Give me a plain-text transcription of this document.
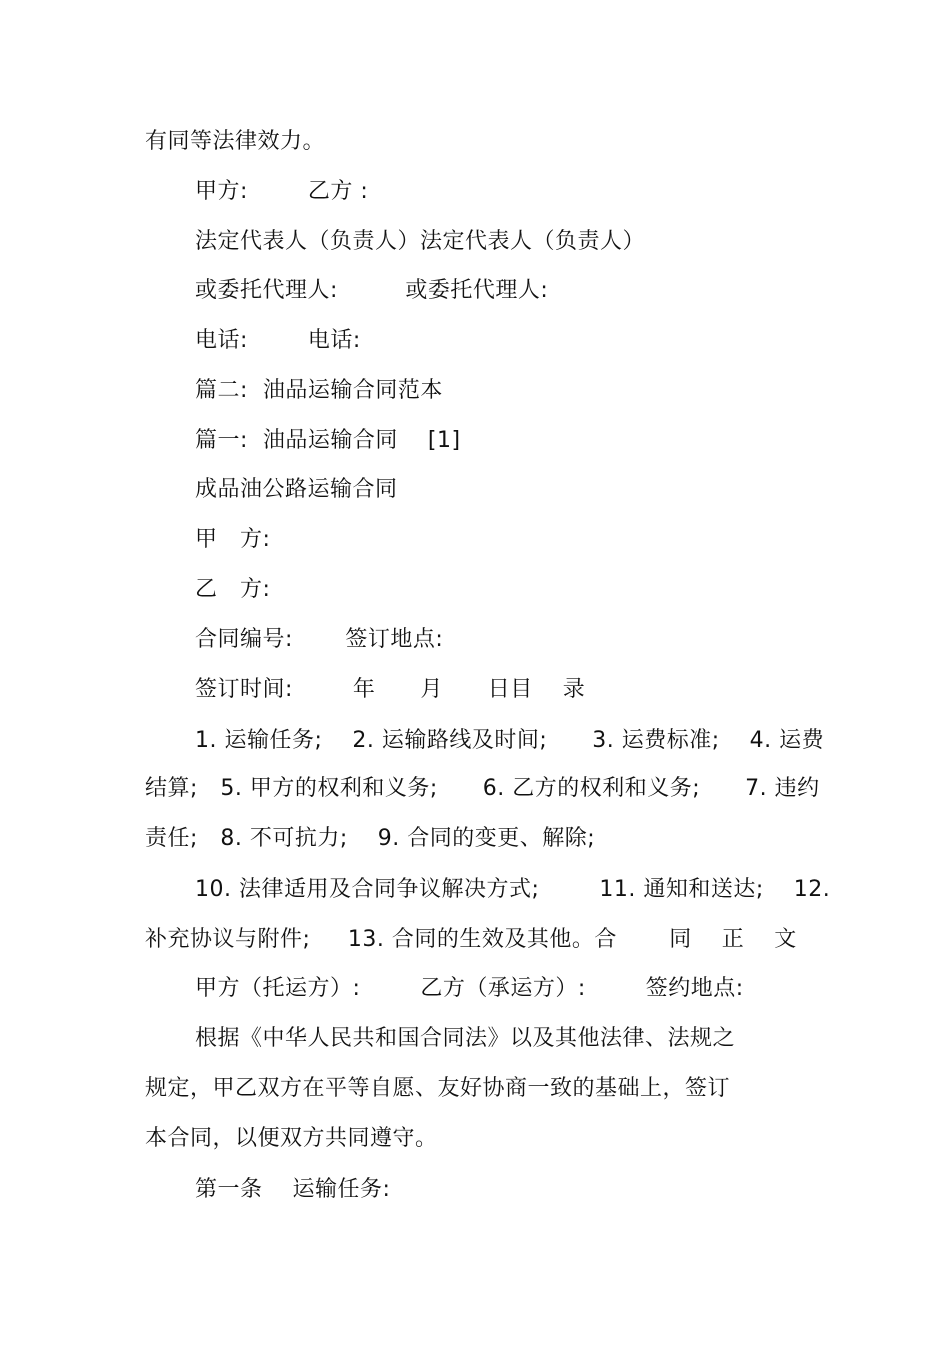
有同等法律效力。
甲方:        乙方 :
法定代表人（负责人）法定代表人（负责人）
或委托代理人:         或委托代理人:
电话:        电话:
篇二:  油品运输合同范本
篇一:  油品运输合同    [1]
成品油公路运输合同
甲   方:
乙   方:
合同编号:       签订地点:
签订时间:        年      月      日目    录
1. 运输任务;    2. 运输路线及时间;      3. 运费标准;    4. 运费
结算;   5. 甲方的权利和义务;      6. 乙方的权利和义务;      7. 违约
责任;   8. 不可抗力;    9. 合同的变更、解除;
10. 法律适用及合同争议解决方式;        11. 通知和送达;    12.
补充协议与附件;     13. 合同的生效及其他。合       同    正    文
甲方（托运方）:        乙方（承运方）:        签约地点:
根据《中华人民共和国合同法》以及其他法律、法规之
规定，甲乙双方在平等自愿、友好协商一致的基础上，签订
本合同，以便双方共同遵守。
第一条    运输任务:
